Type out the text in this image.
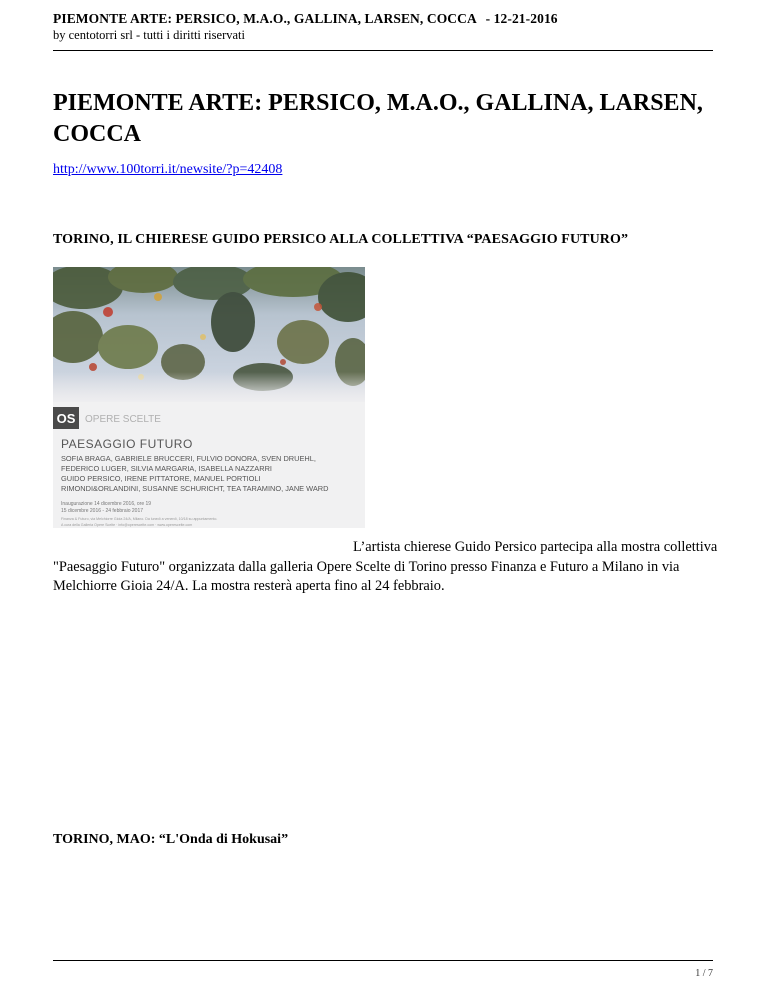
PIEMONTE ARTE: PERSICO, M.A.O., GALLINA, LARSEN, COCCA - 12-21-2016
by centotorri srl - tutti i diritti riservati
PIEMONTE ARTE: PERSICO, M.A.O., GALLINA, LARSEN, COCCA
http://www.100torri.it/newsite/?p=42408
TORINO, IL CHIERESE GUIDO PERSICO ALLA COLLETTIVA “PAESAGGIO FUTURO”
OS OPERE SCELTE
PAESAGGIO FUTURO
SOFIA BRAGA, GABRIELE BRUCCERI, FULVIO DONORA, SVEN DRUEHL,
FEDERICO LUGER, SILVIA MARGARIA, ISABELLA NAZZARRI
GUIDO PERSICO, IRENE PITTATORE, MANUEL PORTIOLI
RIMONDI&ORLANDINI, SUSANNE SCHURICHT, TEA TARAMINO, JANE WARD
Inaugurazione 14 dicembre 2016, ore 19
15 dicembre 2016 - 24 febbraio 2017
Finanza & Futuro, via Melchiorre Gioia 24/A, Milano. Da lunedì a venerdì, 10/18 su appuntamento.
A cura della Galleria Opere Scelte · info@operescelte.com · www.operescelte.com

L’artista chierese Guido Persico partecipa alla mostra collettiva "Paesaggio Futuro" organizzata dalla galleria Opere Scelte di Torino presso Finanza e Futuro a Milano in via Melchiorre Gioia 24/A. La mostra resterà aperta fino al 24 febbraio.

TORINO, MAO: “L'Onda di Hokusai”
1 / 7
